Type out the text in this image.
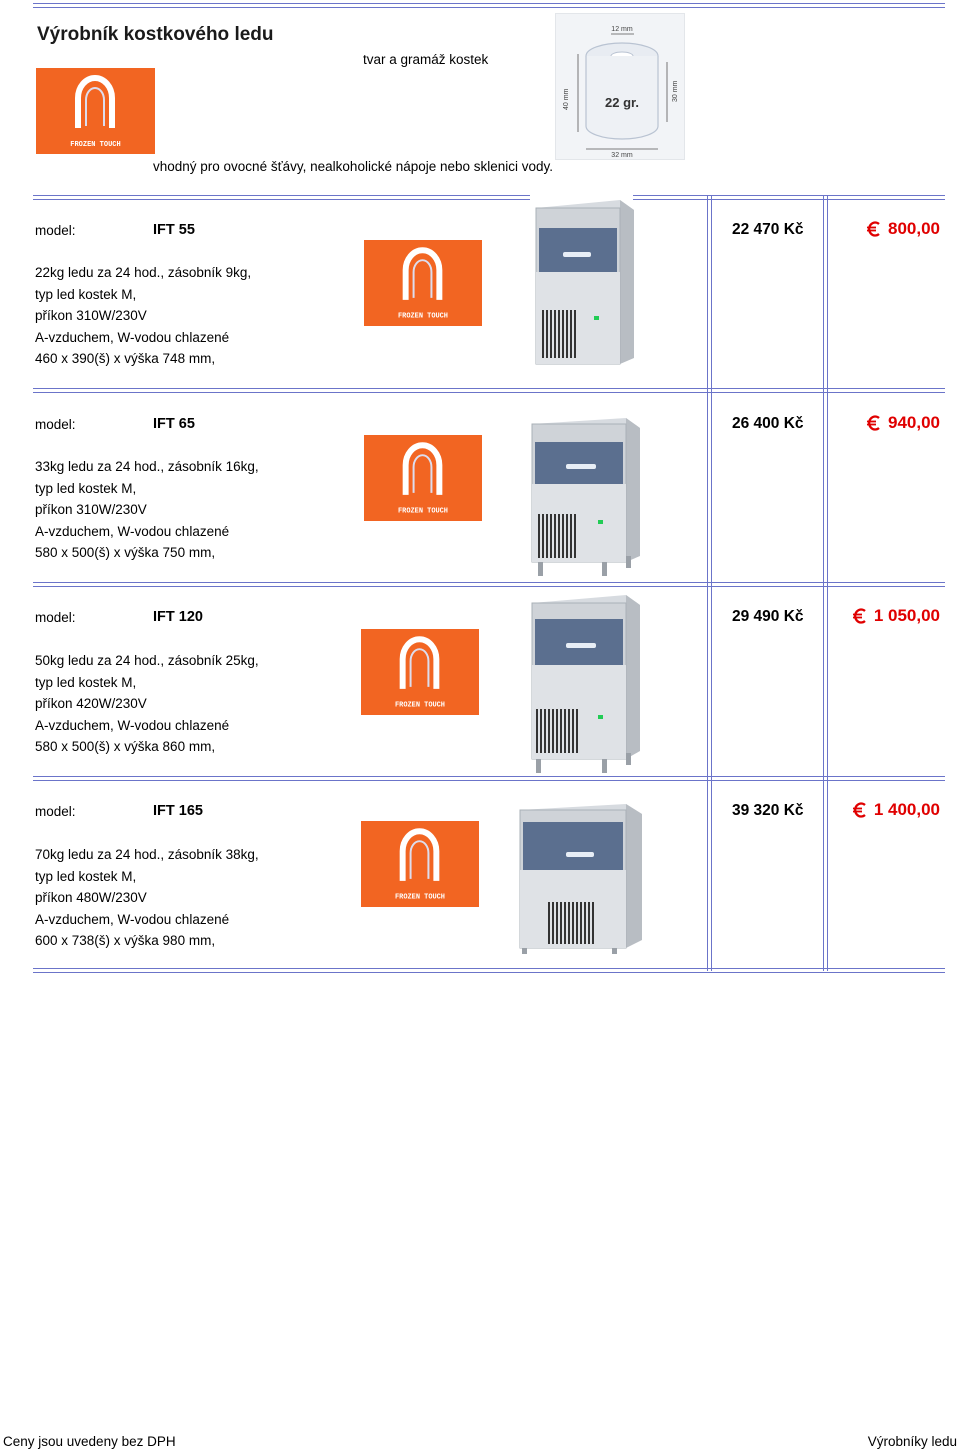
Výrobník kostkového ledu
tvar a gramáž kostek
FROZEN TOUCH
22 gr.
40 mm	30 mm
12 mm
32 mm
vhodný pro ovocné šťávy, nealkoholické nápoje nebo sklenici vody.
model:	IFT 55	22 470 Kč	800,00
22kg ledu za 24 hod., zásobník 9kg,
typ led kostek M,
příkon 310W/230V
A-vzduchem, W-vodou chlazené
460 x 390(š) x výška 748 mm,
FROZEN TOUCH
model:	IFT 65	26 400 Kč	940,00
33kg ledu za 24 hod., zásobník 16kg,
typ led kostek M,
příkon 310W/230V
A-vzduchem, W-vodou chlazené
580 x 500(š) x výška 750 mm,
FROZEN TOUCH
model:	IFT 120	29 490 Kč	1 050,00
50kg ledu za 24 hod., zásobník 25kg,
typ led kostek M,
příkon 420W/230V
A-vzduchem, W-vodou chlazené
580 x 500(š) x výška 860 mm,
FROZEN TOUCH
model:	IFT 165	39 320 Kč	1 400,00
70kg ledu za 24 hod., zásobník 38kg,
typ led kostek M,
příkon 480W/230V
A-vzduchem, W-vodou chlazené
600 x 738(š) x výška 980 mm,
FROZEN TOUCH
Ceny jsou uvedeny bez DPH	Výrobníky ledu
